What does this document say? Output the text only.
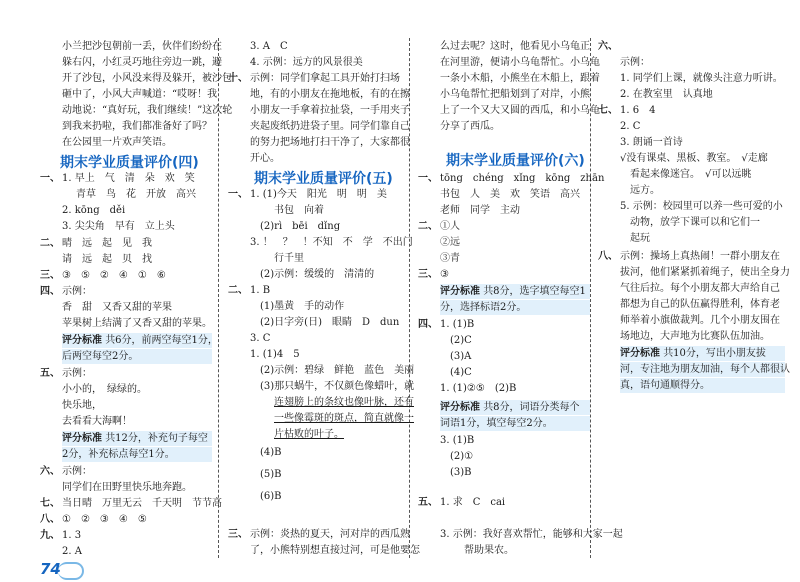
小兰把沙包朝前一丢，伙伴们纷纷在
躲右闪，小红灵巧地往旁边一跳，避
开了沙包，小风没来得及躲开，被沙包
砸中了，小风大声喊道：“哎呀！我
动地说：“真好玩，我们继续！”这次轮
到我来扔啦，我们都准备好了吗？
在公园里一片欢声笑语。
期末学业质量评价(四)
一、 1. 早上　气　清　朵　欢　笑
青草　鸟　花　开放　高兴
2. kōng　děi
3. 尖尖角　早有　立上头
二、 晴　远　起　见　我
请　远　起　贝　找
三、 ③　⑤　②　④　①　⑥
四、 示例：
香　甜　又香又甜的苹果
苹果树上结满了又香又甜的苹果。
评分标准 共6分，前两空每空1分，
后两空每空2分。
五、 示例：
小小的，　绿绿的。
快乐地，
去看看大海啊！
评分标准 共12分，补充句子每空
2分，补充标点每空1分。
六、 示例：
同学们在田野里快乐地奔跑。
七、 当日晴　万里无云　千天明　节节高
八、 ①　②　③　④　⑤
九、 1. 3
2. A
3. A　C
4. 示例：远方的风景很美
十、 示例：同学们拿起工具开始打扫场
地，有的小朋友在拖地板，有的在擦
小朋友一手拿着拉扯袋，一手用夹子
夹起废纸扔进袋子里。同学们靠自己
的努力把场地打扫干净了，大家都很
开心。
期末学业质量评价(五)
一、 1. (1)今天　阳光　明　明　美
书包　向着
(2)rì　bēi　dǐng
3. ！　？　！不知　不　学　不出门
行千里
(2)示例：缓缓的　清清的
二、 1. B
(1)墨黄　手的动作
(2)日字旁(日)　眼睛　D　dun
3. C
1. (1)4　5
(2)示例：碧绿　鲜艳　蓝色　美丽
(3)那只蜗牛，不仅颜色像蜡叶，就
连翅膀上的条纹也像叶脉，还有
一些像霉斑的斑点，简直就像一
片枯败的叶子。
(4)B
(5)B
(6)B
三、 示例：炎热的夏天，河对岸的西瓜熟
了，小熊特别想直接过河，可是他要怎
么过去呢？这时，他看见小乌龟正
在河里游，便请小乌龟帮忙。小乌龟
一条小木船，小熊坐在木船上，跟着
小乌龟帮忙把船划到了对岸，小熊
上了一个又大又圆的西瓜，和小乌龟
分享了西瓜。
期末学业质量评价(六)
一、 tōng　chéng　xǐng　kōng　zhān
书包　人　美　欢　笑语　高兴
老师　同学　主动
二、 ①人
②远
③青
三、 ③
评分标准 共8分，选字填空每空1
分，选择标语2分。
四、 1. (1)B
(2)C
(3)A
(4)C
1. (1)②⑤　(2)B
评分标准 共8分，词语分类每个
词语1分，填空每空2分。
3. (1)B
(2)①
(3)B
五、 1. 求　C　cai
3. 示例：我好喜欢帮忙，能够和大家一起
帮助果农。
六、
示例：
1. 同学们上课，就像头注意力听讲。
2. 在教室里　认真地
七、 1. 6　4
2. C
3. 朗诵一首诗
√没有课桌、黑板、教室。　√走廊
看起来像迷宫。　√可以远眺
远方。
5. 示例：校园里可以养一些可爱的小
动物，放学下课可以和它们一
起玩
八、 示例：操场上真热闹！一群小朋友在
拔河，他们紧紧抓着绳子，使出全身力
气往后拉。每个小朋友都大声给自己
都想为自己的队伍赢得胜利，体育老
师举着小旗做裁判。几个小朋友围在
场地边，大声地为比赛队伍加油。
评分标准 共10分，写出小朋友拔
河，专注地为朋友加油，每个人都很认
真，语句通顺得分。
74
